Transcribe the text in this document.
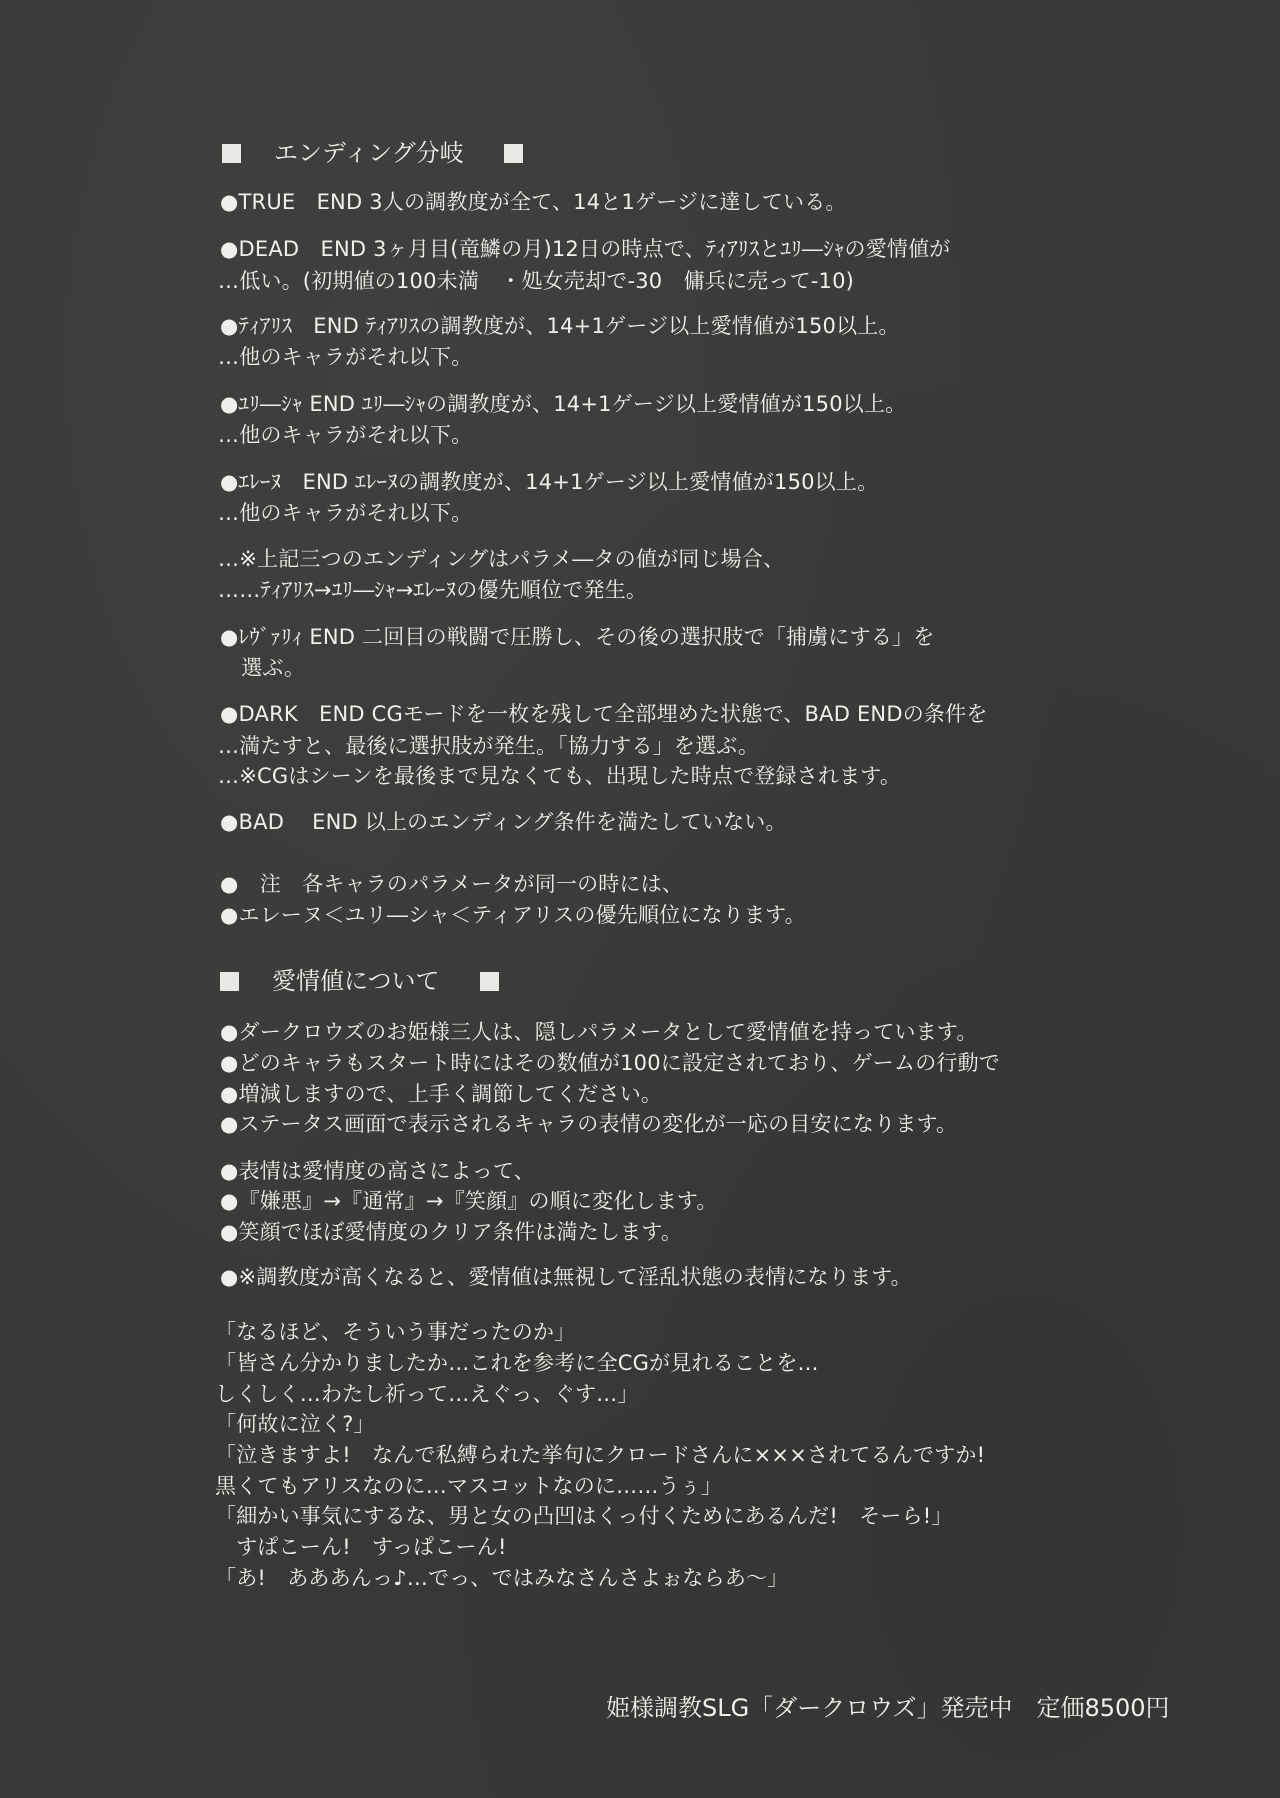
エンディング分岐
●TRUE　END 3人の調教度が全て、14と1ゲージに達している。
●DEAD　END 3ヶ月目(竜鱗の月)12日の時点で、ﾃｨｱﾘｽとﾕﾘ―ｼｬの愛情値が
…低い。(初期値の100未満　・処女売却で-30　傭兵に売って-10)
●ﾃｨｱﾘｽ　END ﾃｨｱﾘｽの調教度が、14+1ゲージ以上愛情値が150以上。
…他のキャラがそれ以下。
●ﾕﾘ―ｼｬ END ﾕﾘ―ｼｬの調教度が、14+1ゲージ以上愛情値が150以上。
…他のキャラがそれ以下。
●ｴﾚｰﾇ　END ｴﾚｰﾇの調教度が、14+1ゲージ以上愛情値が150以上。
…他のキャラがそれ以下。
…※上記三つのエンディングはパラメ―タの値が同じ場合、
……ﾃｨｱﾘｽ→ﾕﾘ―ｼｬ→ｴﾚｰﾇの優先順位で発生。
●ﾚｳﾞｧﾘｨ END 二回目の戦闘で圧勝し、その後の選択肢で「捕虜にする」を
　選ぶ。
●DARK　END CGモードを一枚を残して全部埋めた状態で、BAD ENDの条件を
…満たすと、最後に選択肢が発生。「協力する」を選ぶ。
…※CGはシーンを最後まで見なくても、出現した時点で登録されます。
●BAD　 END 以上のエンディング条件を満たしていない。
●　注　各キャラのパラメータが同一の時には、
●エレーヌ＜ユリ―シャ＜ティアリスの優先順位になります。
愛情値について
●ダークロウズのお姫様三人は、隠しパラメータとして愛情値を持っています。
●どのキャラもスタート時にはその数値が100に設定されており、ゲームの行動で
●増減しますので、上手く調節してください。
●ステータス画面で表示されるキャラの表情の変化が一応の目安になります。
●表情は愛情度の高さによって、
●『嫌悪』→『通常』→『笑顔』の順に変化します。
●笑顔でほぼ愛情度のクリア条件は満たします。
●※調教度が高くなると、愛情値は無視して淫乱状態の表情になります。
「なるほど、そういう事だったのか」
「皆さん分かりましたか…これを参考に全CGが見れることを…
しくしく…わたし祈って…えぐっ、ぐす…」
「何故に泣く?」
「泣きますよ!　なんで私縛られた挙句にクロードさんに×××されてるんですか!
黒くてもアリスなのに…マスコットなのに……うぅ」
「細かい事気にするな、男と女の凸凹はくっ付くためにあるんだ!　そーら!」
　すぱこーん!　すっぱこーん!
「あ!　あああんっ♪…でっ、ではみなさんさよぉならあ～」
姫様調教SLG「ダークロウズ」発売中　定価8500円
